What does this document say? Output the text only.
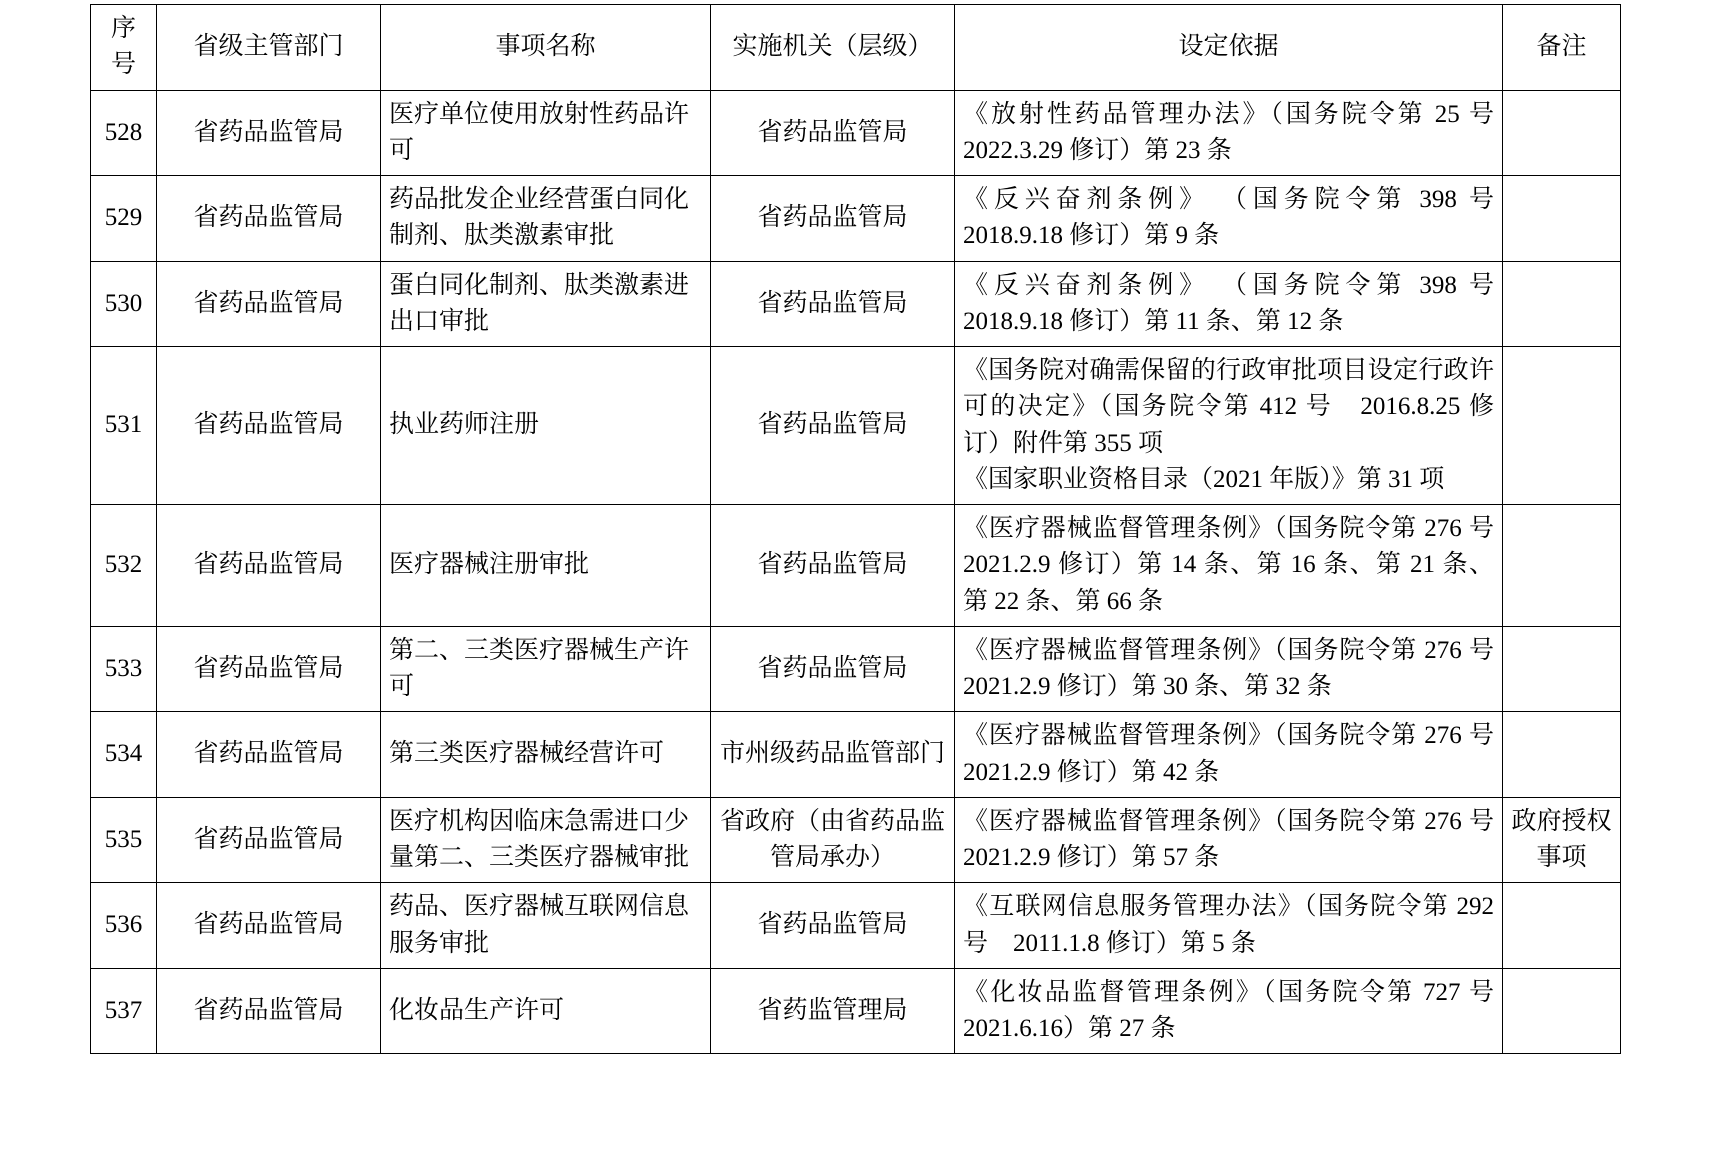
序号	省级主管部门	事项名称	实施机关（层级）	设定依据	备注
528	省药品监管局	医疗单位使用放射性药品许可	省药品监管局	《放射性药品管理办法》（国务院令第 25 号 2022.3.29 修订）第 23 条	

529	省药品监管局	药品批发企业经营蛋白同化制剂、肽类激素审批	省药品监管局	《反兴奋剂条例》 （国务院令第 398 号 2018.9.18 修订）第 9 条	

530	省药品监管局	蛋白同化制剂、肽类激素进出口审批	省药品监管局	《反兴奋剂条例》 （国务院令第 398 号 2018.9.18 修订）第 11 条、第 12 条	

531	省药品监管局	执业药师注册	省药品监管局	《国务院对确需保留的行政审批项目设定行政许可的决定》（国务院令第 412 号　2016.8.25 修订）附件第 355 项
《国家职业资格目录（2021 年版）》第 31 项	

532	省药品监管局	医疗器械注册审批	省药品监管局	《医疗器械监督管理条例》（国务院令第 276 号 2021.2.9 修订）第 14 条、第 16 条、第 21 条、第 22 条、第 66 条	

533	省药品监管局	第二、三类医疗器械生产许可	省药品监管局	《医疗器械监督管理条例》（国务院令第 276 号 2021.2.9 修订）第 30 条、第 32 条	

534	省药品监管局	第三类医疗器械经营许可	市州级药品监管部门	《医疗器械监督管理条例》（国务院令第 276 号 2021.2.9 修订）第 42 条	

535	省药品监管局	医疗机构因临床急需进口少量第二、三类医疗器械审批	省政府（由省药品监管局承办）	《医疗器械监督管理条例》（国务院令第 276 号 2021.2.9 修订）第 57 条	政府授权事项
536	省药品监管局	药品、医疗器械互联网信息服务审批	省药品监管局	《互联网信息服务管理办法》（国务院令第 292 号　2011.1.8 修订）第 5 条	

537	省药品监管局	化妆品生产许可	省药监管理局	《化妆品监督管理条例》（国务院令第 727 号 2021.6.16）第 27 条	
